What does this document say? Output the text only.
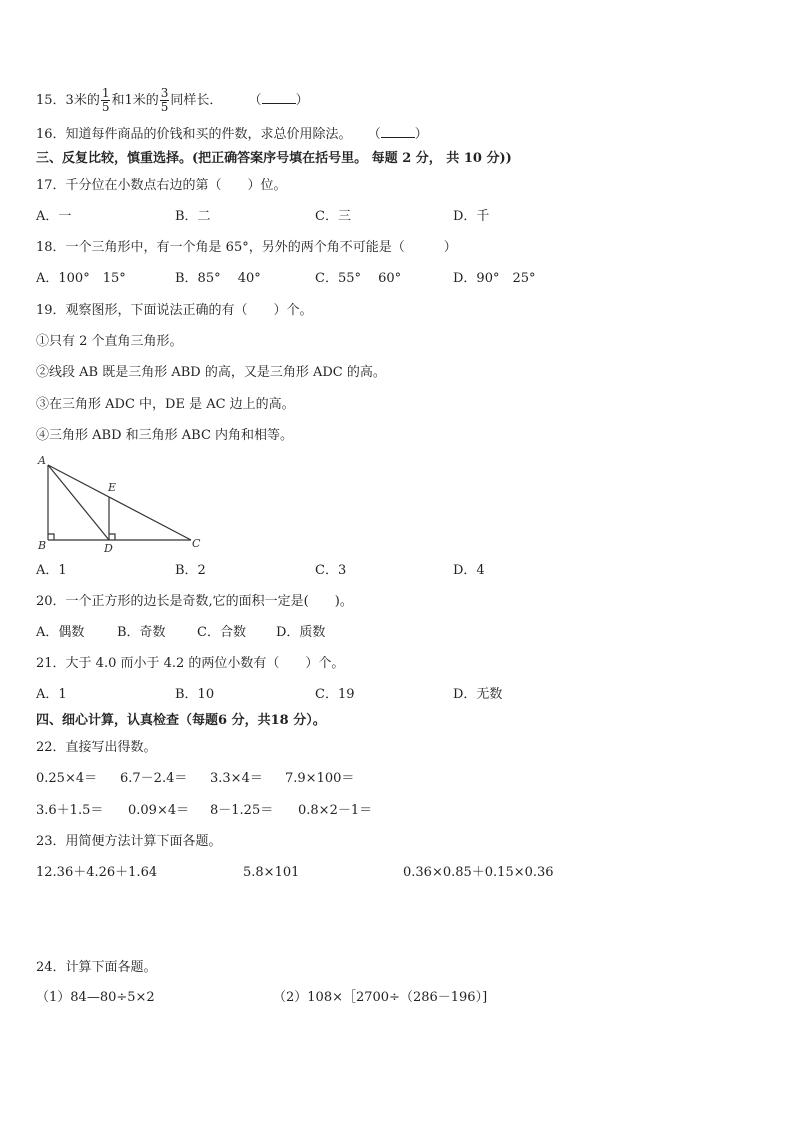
15．3米的 $\frac{1}{5}$ 和1米的 $\frac{3}{5}$ 同样长． （	）
16．知道每件商品的价钱和买的件数，求总价用除法。 （	）
三、反复比较，慎重选择。(把正确答案序号填在括号里。 每题 2 分， 共 10 分))
17．千分位在小数点右边的第（　　）位。
A．一	B．二	C．三	D．千
18．一个三角形中，有一个角是 65°，另外的两个角不可能是（　　　）
A．100°　15°	B．85°　 40°	C．55°　 60°	D．90°　25°
19．观察图形，下面说法正确的有（　　）个。
①只有 2 个直角三角形。
②线段 AB 既是三角形 ABD 的高，又是三角形 ADC 的高。
③在三角形 ADC 中，DE 是 AC 边上的高。
④三角形 ABD 和三角形 ABC 内角和相等。
A
B	C
D
E
A．1	B．2	C．3	D．4
20．一个正方形的边长是奇数,它的面积一定是(　　)。
A．偶数	B．奇数 C．合数 D．质数
21．大于 4.0 而小于 4.2 的两位小数有（　　）个。
A．1	B．10	C．19	D．无数
四、细心计算，认真检查（每题6 分，共18 分）。
22．直接写出得数。
0.25×4＝ 6.7－2.4＝ 3.3×4＝ 7.9×100＝
3.6＋1.5＝ 0.09×4＝ 8－1.25＝ 0.8×2－1＝
23．用简便方法计算下面各题。
12.36＋4.26＋1.64	5.8×101	0.36×0.85＋0.15×0.36
24．计算下面各题。
（1）84—80÷5×2	（2）108×［2700÷（286－196）]
